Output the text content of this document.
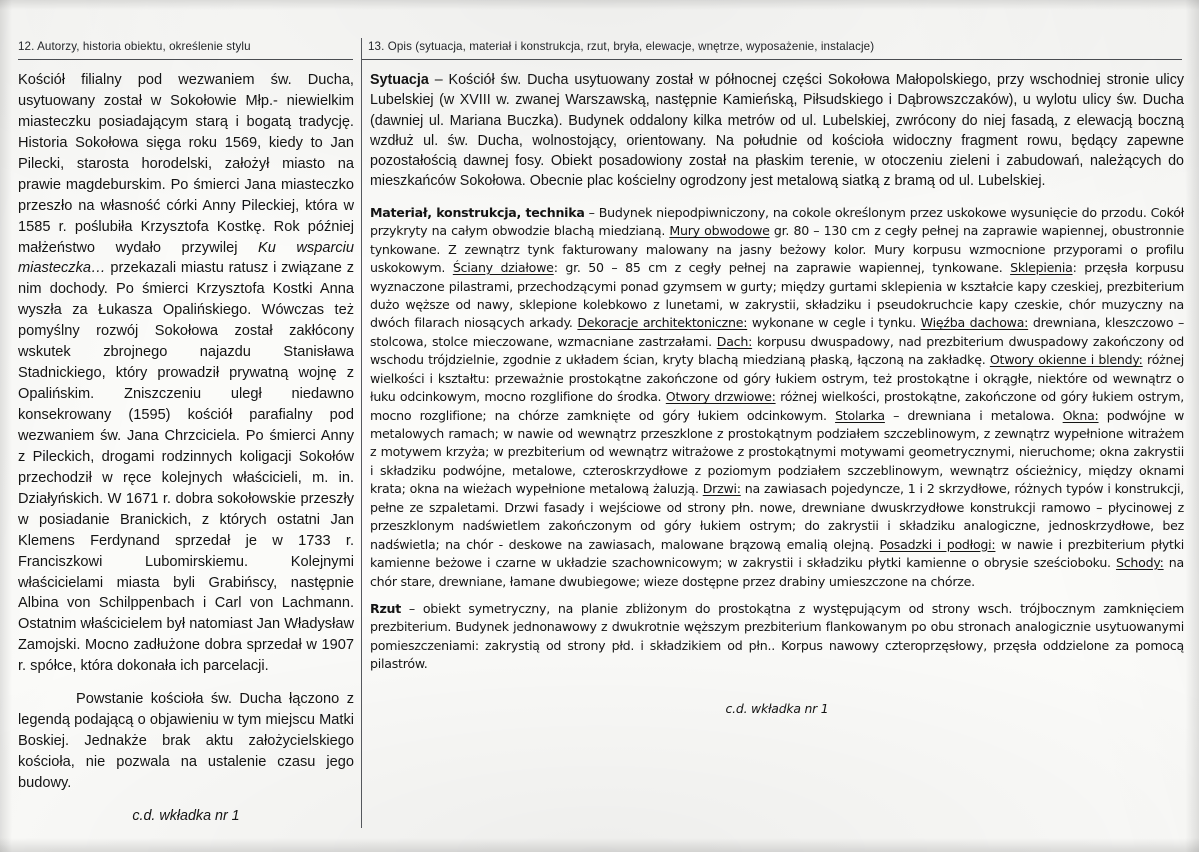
12. Autorzy, historia obiektu, określenie stylu	13. Opis (sytuacja, materiał i konstrukcja, rzut, bryła, elewacje, wnętrze, wyposażenie, instalacje)

Kościół filialny pod wezwaniem św. Ducha, usytuowany został w Sokołowie Młp.- niewielkim miasteczku posiadającym starą i bogatą tradycję. Historia Sokołowa sięga roku 1569, kiedy to Jan Pilecki, starosta horodelski, założył miasto na prawie magdeburskim. Po śmierci Jana miasteczko przeszło na własność córki Anny Pileckiej, która w 1585 r. poślubiła Krzysztofa Kostkę. Rok później małżeństwo wydało przywilej Ku wsparciu miasteczka… przekazali miastu ratusz i związane z nim dochody. Po śmierci Krzysztofa Kostki Anna wyszła za Łukasza Opalińskiego. Wówczas też pomyślny rozwój Sokołowa został zakłócony wskutek zbrojnego najazdu Stanisława Stadnickiego, który prowadził prywatną wojnę z Opalińskim. Zniszczeniu uległ niedawno konsekrowany (1595) kościół parafialny pod wezwaniem św. Jana Chrzciciela. Po śmierci Anny z Pileckich, drogami rodzinnych koligacji Sokołów przechodził w ręce kolejnych właścicieli, m. in. Działyńskich. W 1671 r. dobra sokołowskie przeszły w posiadanie Branickich, z których ostatni Jan Klemens Ferdynand sprzedał je w 1733 r. Franciszkowi Lubomirskiemu. Kolejnymi właścicielami miasta byli Grabińscy, następnie Albina von Schilppenbach i Carl von Lachmann. Ostatnim właścicielem był natomiast Jan Władysław Zamojski. Mocno zadłużone dobra sprzedał w 1907 r. spółce, która dokonała ich parcelacji.

Powstanie kościoła św. Ducha łączono z legendą podającą o objawieniu w tym miejscu Matki Boskiej. Jednakże brak aktu założycielskiego kościoła, nie pozwala na ustalenie czasu jego budowy.

c.d. wkładka nr 1

Sytuacja – Kościół św. Ducha usytuowany został w północnej części Sokołowa Małopolskiego, przy wschodniej stronie ulicy Lubelskiej (w XVIII w. zwanej Warszawską, następnie Kamieńską, Piłsudskiego i Dąbrowszczaków), u wylotu ulicy św. Ducha (dawniej ul. Mariana Buczka). Budynek oddalony kilka metrów od ul. Lubelskiej, zwrócony do niej fasadą, z elewacją boczną wzdłuż ul. św. Ducha, wolnostojący, orientowany. Na południe od kościoła widoczny fragment rowu, będący zapewne pozostałością dawnej fosy. Obiekt posadowiony został na płaskim terenie, w otoczeniu zieleni i zabudowań, należących do mieszkańców Sokołowa. Obecnie plac kościelny ogrodzony jest metalową siatką z bramą od ul. Lubelskiej.

Materiał, konstrukcja, technika – Budynek niepodpiwniczony, na cokole określonym przez uskokowe wysunięcie do przodu. Cokół przykryty na całym obwodzie blachą miedzianą. Mury obwodowe gr. 80 – 130 cm z cegły pełnej na zaprawie wapiennej, obustronnie tynkowane. Z zewnątrz tynk fakturowany malowany na jasny beżowy kolor. Mury korpusu wzmocnione przyporami o profilu uskokowym. Ściany działowe: gr. 50 – 85 cm z cegły pełnej na zaprawie wapiennej, tynkowane. Sklepienia: przęsła korpusu wyznaczone pilastrami, przechodzącymi ponad gzymsem w gurty; między gurtami sklepienia w kształcie kapy czeskiej, prezbiterium dużo węższe od nawy, sklepione kolebkowo z lunetami, w zakrystii, składziku i pseudokruchcie kapy czeskie, chór muzyczny na dwóch filarach niosących arkady. Dekoracje architektoniczne: wykonane w cegle i tynku. Więźba dachowa: drewniana, kleszczowo – stolcowa, stolce mieczowane, wzmacniane zastrzałami. Dach: korpusu dwuspadowy, nad prezbiterium dwuspadowy zakończony od wschodu trójdzielnie, zgodnie z układem ścian, kryty blachą miedzianą płaską, łączoną na zakładkę. Otwory okienne i blendy: różnej wielkości i kształtu: przeważnie prostokątne zakończone od góry łukiem ostrym, też prostokątne i okrągłe, niektóre od wewnątrz o łuku odcinkowym, mocno rozglifione do środka. Otwory drzwiowe: różnej wielkości, prostokątne, zakończone od góry łukiem ostrym, mocno rozglifione; na chórze zamknięte od góry łukiem odcinkowym. Stolarka – drewniana i metalowa. Okna: podwójne w metalowych ramach; w nawie od wewnątrz przeszklone z prostokątnym podziałem szczeblinowym, z zewnątrz wypełnione witrażem z motywem krzyża; w prezbiterium od wewnątrz witrażowe z prostokątnymi motywami geometrycznymi, nieruchome; okna zakrystii i składziku podwójne, metalowe, czteroskrzydłowe z poziomym podziałem szczeblinowym, wewnątrz ościeżnicy, między oknami krata; okna na wieżach wypełnione metalową żaluzją. Drzwi: na zawiasach pojedyncze, 1 i 2 skrzydłowe, różnych typów i konstrukcji, pełne ze szpaletami. Drzwi fasady i wejściowe od strony płn. nowe, drewniane dwuskrzydłowe konstrukcji ramowo – płycinowej z przeszklonym nadświetlem zakończonym od góry łukiem ostrym; do zakrystii i składziku analogiczne, jednoskrzydłowe, bez nadświetla; na chór - deskowe na zawiasach, malowane brązową emalią olejną. Posadzki i podłogi: w nawie i prezbiterium płytki kamienne beżowe i czarne w układzie szachownicowym; w zakrystii i składziku płytki kamienne o obrysie sześcioboku. Schody: na chór stare, drewniane, łamane dwubiegowe; wieze dostępne przez drabiny umieszczone na chórze.

Rzut – obiekt symetryczny, na planie zbliżonym do prostokątna z występującym od strony wsch. trójbocznym zamknięciem prezbiterium. Budynek jednonawowy z dwukrotnie węższym prezbiterium flankowanym po obu stronach analogicznie usytuowanymi pomieszczeniami: zakrystią od strony płd. i składzikiem od płn.. Korpus nawowy czteroprzęsłowy, przęsła oddzielone za pomocą pilastrów.

c.d. wkładka nr 1
